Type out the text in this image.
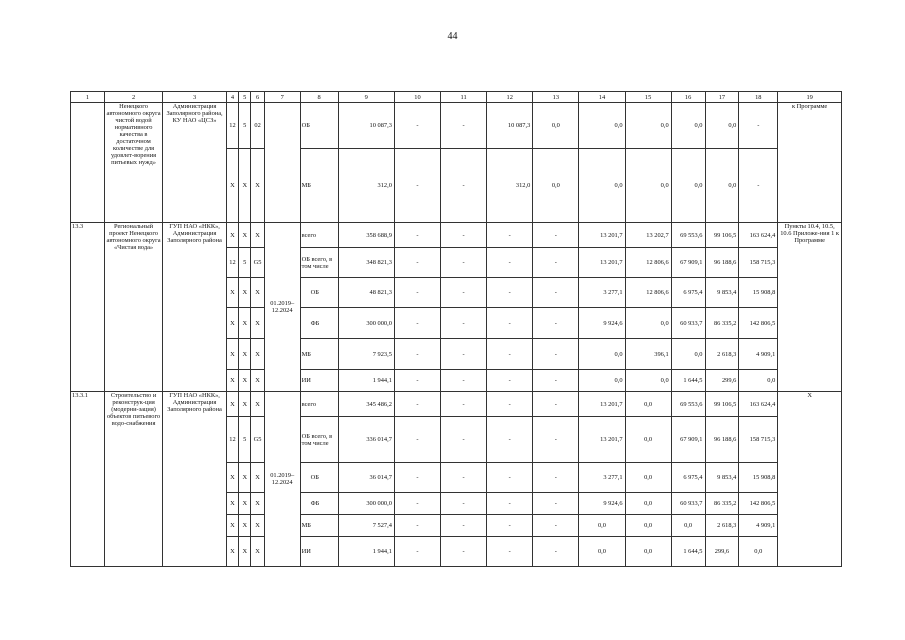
44
1	2	3	4	5	6	7	8	9	10	11	12	13	14	15	16	17	18	19
	Ненецкого автономного округа чистой водой нормативного качества в достаточном количестве для удовлет-ворения питьевых нужд»	Администрация Заполярного района, КУ НАО «ЦСЗ»	12	5	02		ОБ	10 087,3	-	-	10 087,3	0,0	0,0	0,0	0,0	0,0	-	к Программе
			Х	Х	Х		МБ	312,0	-	-	312,0	0,0	0,0	0,0	0,0	0,0	-	
13.3	Региональный проект Ненецкого автономного округа «Чистая вода»	ГУП НАО «НКК», Администрация Заполярного района	Х	Х	Х	01.2019–12.2024	всего	358 688,9	-	-	-	-	13 201,7	13 202,7	69 553,6	99 106,5	163 624,4	Пункты 10.4, 10.5, 10.6 Приложе-ния 1 к Программе
			12	5	G5		ОБ всего, в том числе	348 821,3	-	-	-	-	13 201,7	12 806,6	67 909,1	96 188,6	158 715,3	
			Х	Х	Х		ОБ	48 821,3	-	-	-	-	3 277,1	12 806,6	6 975,4	9 853,4	15 908,8	
			Х	Х	Х		ФБ	300 000,0	-	-	-	-	9 924,6	0,0	60 933,7	86 335,2	142 806,5	
			Х	Х	Х		МБ	7 923,5	-	-	-	-	0,0	396,1	0,0	2 618,3	4 909,1	
			Х	Х	Х		ИИ	1 944,1	-	-	-	-	0,0	0,0	1 644,5	299,6	0,0	
13.3.1	Строительство и реконструк-ция (модерни-зация) объектов питьевого водо-снабжения	ГУП НАО «НКК», Администрация Заполярного района	Х	Х	Х	01.2019–12.2024	всего	345 486,2	-	-	-	-	13 201,7	0,0	69 553,6	99 106,5	163 624,4	Х
			12	5	G5		ОБ всего, в том числе	336 014,7	-	-	-	-	13 201,7	0,0	67 909,1	96 188,6	158 715,3	
			Х	Х	Х		ОБ	36 014,7	-	-	-	-	3 277,1	0,0	6 975,4	9 853,4	15 908,8	
			Х	Х	Х		ФБ	300 000,0	-	-	-	-	9 924,6	0,0	60 933,7	86 335,2	142 806,5	
			Х	Х	Х		МБ	7 527,4	-	-	-	-	0,0	0,0	0,0	2 618,3	4 909,1	
			Х	Х	Х		ИИ	1 944,1	-	-	-	-	0,0	0,0	1 644,5	299,6	0,0	
